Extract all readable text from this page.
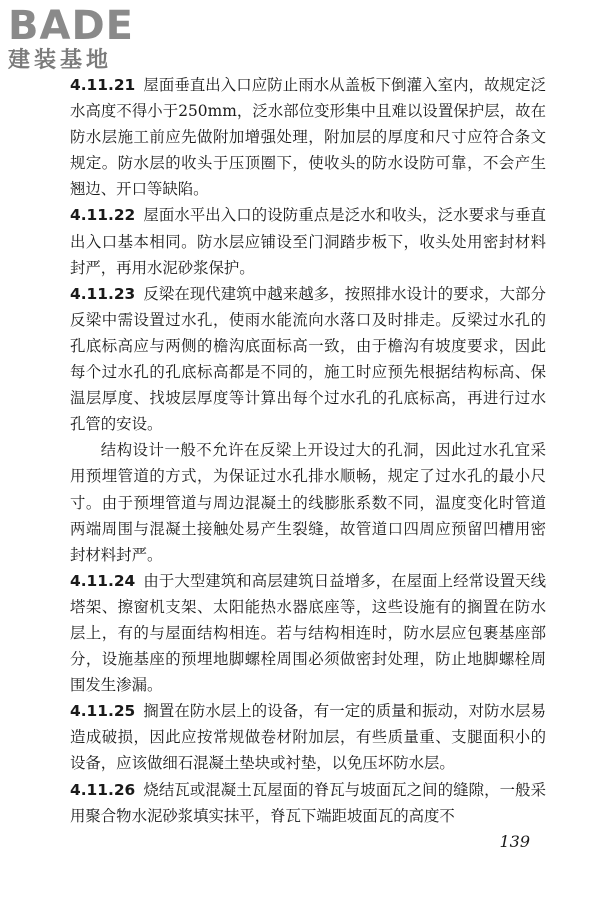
BADE
建装基地

4.11.21 屋面垂直出入口应防止雨水从盖板下倒灌入室内，故规定泛水高度不得小于250mm，泛水部位变形集中且难以设置保护层，故在防水层施工前应先做附加增强处理，附加层的厚度和尺寸应符合条文规定。防水层的收头于压顶圈下，使收头的防水设防可靠，不会产生翘边、开口等缺陷。

4.11.22 屋面水平出入口的设防重点是泛水和收头，泛水要求与垂直出入口基本相同。防水层应铺设至门洞踏步板下，收头处用密封材料封严，再用水泥砂浆保护。

4.11.23 反梁在现代建筑中越来越多，按照排水设计的要求，大部分反梁中需设置过水孔，使雨水能流向水落口及时排走。反梁过水孔的孔底标高应与两侧的檐沟底面标高一致，由于檐沟有坡度要求，因此每个过水孔的孔底标高都是不同的，施工时应预先根据结构标高、保温层厚度、找坡层厚度等计算出每个过水孔的孔底标高，再进行过水孔管的安设。

结构设计一般不允许在反梁上开设过大的孔洞，因此过水孔宜采用预埋管道的方式，为保证过水孔排水顺畅，规定了过水孔的最小尺寸。由于预埋管道与周边混凝土的线膨胀系数不同，温度变化时管道两端周围与混凝土接触处易产生裂缝，故管道口四周应预留凹槽用密封材料封严。

4.11.24 由于大型建筑和高层建筑日益增多，在屋面上经常设置天线塔架、擦窗机支架、太阳能热水器底座等，这些设施有的搁置在防水层上，有的与屋面结构相连。若与结构相连时，防水层应包裹基座部分，设施基座的预埋地脚螺栓周围必须做密封处理，防止地脚螺栓周围发生渗漏。

4.11.25 搁置在防水层上的设备，有一定的质量和振动，对防水层易造成破损，因此应按常规做卷材附加层，有些质量重、支腿面积小的设备，应该做细石混凝土垫块或衬垫，以免压坏防水层。

4.11.26 烧结瓦或混凝土瓦屋面的脊瓦与坡面瓦之间的缝隙，一般采用聚合物水泥砂浆填实抹平，脊瓦下端距坡面瓦的高度不

139
